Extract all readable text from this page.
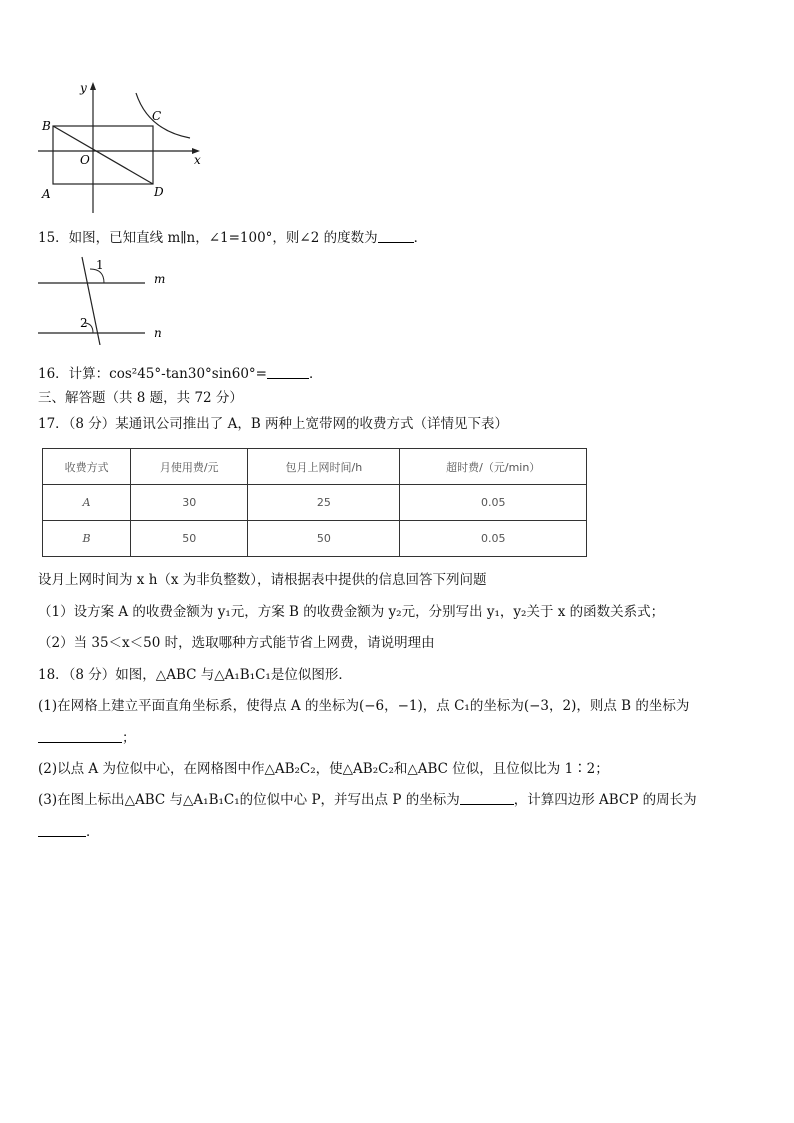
y
x
B
C
O
A	D
15．如图，已知直线 m∥n，∠1=100°，则∠2 的度数为	．
1
2
m
n
16．计算：cos²45°-tan30°sin60°=	．
三、解答题（共 8 题，共 72 分）
17．（8 分）某通讯公司推出了 A，B 两种上宽带网的收费方式（详情见下表）
收费方式	月使用费/元	包月上网时间/h	超时费/（元/min）
A	30	25	0.05
B	50	50	0.05
设月上网时间为 x h（x 为非负整数），请根据表中提供的信息回答下列问题
（1）设方案 A 的收费金额为 y₁元，方案 B 的收费金额为 y₂元，分别写出 y₁，y₂关于 x 的函数关系式；
（2）当 35＜x＜50 时，选取哪种方式能节省上网费，请说明理由
18．（8 分）如图，△ABC 与△A₁B₁C₁是位似图形．
(1)在网格上建立平面直角坐标系，使得点 A 的坐标为(−6，−1)，点 C₁的坐标为(−3，2)，则点 B 的坐标为
；
(2)以点 A 为位似中心，在网格图中作△AB₂C₂，使△AB₂C₂和△ABC 位似，且位似比为 1∶2；
(3)在图上标出△ABC 与△A₁B₁C₁的位似中心 P，并写出点 P 的坐标为	，计算四边形 ABCP 的周长为
．
